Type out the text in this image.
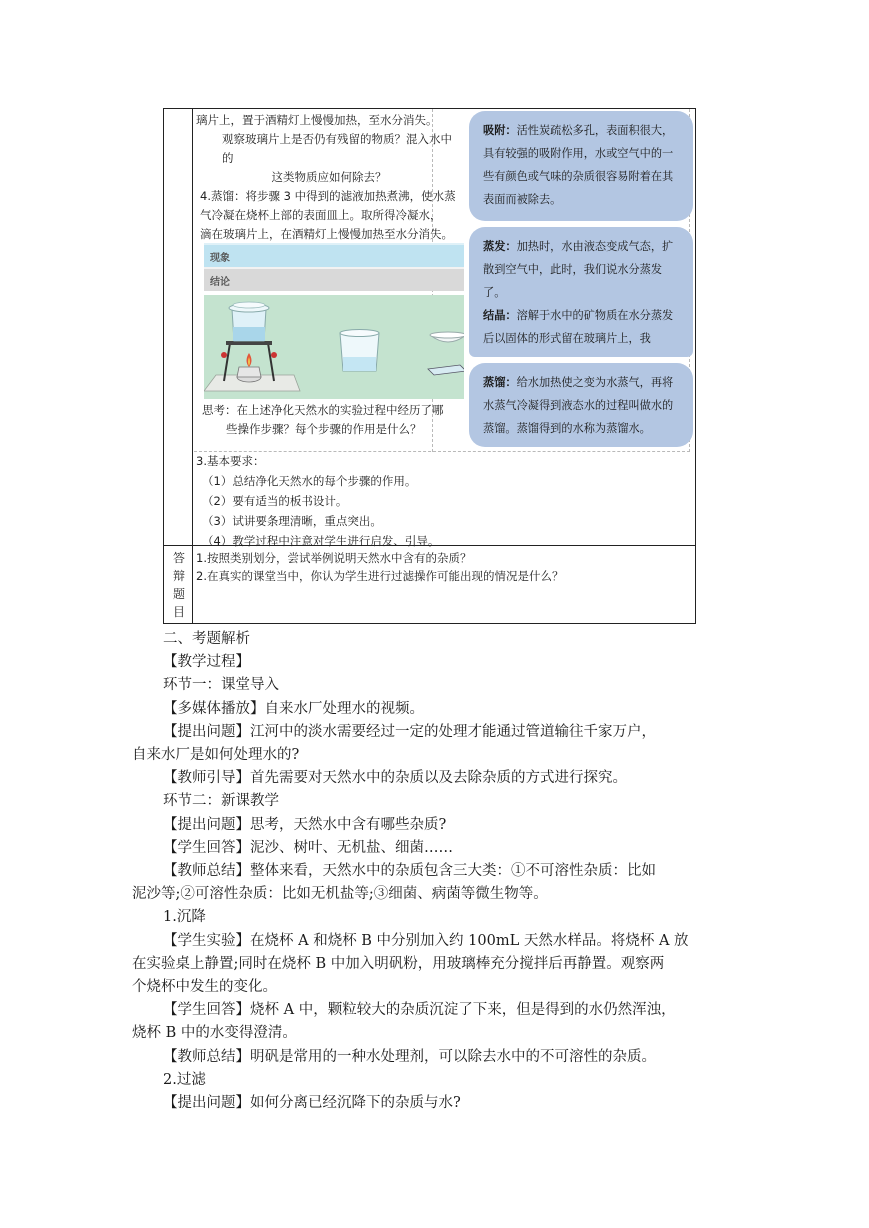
璃片上，置于酒精灯上慢慢加热，至水分消失。

观察玻璃片上是否仍有残留的物质？混入水中的

这类物质应如何除去？

4.蒸馏：将步骤 3 中得到的滤液加热煮沸，使水蒸

气冷凝在烧杯上部的表面皿上。取所得冷凝水，

滴在玻璃片上，在酒精灯上慢慢加热至水分消失。

现象
结论

思考：在上述净化天然水的实验过程中经历了哪

些操作步骤？每个步骤的作用是什么？

吸附：活性炭疏松多孔，表面积很大，具有较强的吸附作用，水或空气中的一些有颜色或气味的杂质很容易附着在其表面而被除去。
蒸发：加热时，水由液态变成气态，扩散到空气中，此时，我们说水分蒸发了。
结晶：溶解于水中的矿物质在水分蒸发后以固体的形式留在玻璃片上，我
蒸馏：给水加热使之变为水蒸气，再将水蒸气冷凝得到液态水的过程叫做水的蒸馏。蒸馏得到的水称为蒸馏水。

3.基本要求：

（1）总结净化天然水的每个步骤的作用。

（2）要有适当的板书设计。

（3）试讲要条理清晰，重点突出。

（4）教学过程中注意对学生进行启发、引导。

答
辩
题
目

1.按照类别划分，尝试举例说明天然水中含有的杂质？

2.在真实的课堂当中，你认为学生进行过滤操作可能出现的情况是什么？

二、考题解析

【教学过程】

环节一：课堂导入

【多媒体播放】自来水厂处理水的视频。

【提出问题】江河中的淡水需要经过一定的处理才能通过管道输往千家万户，

自来水厂是如何处理水的?

【教师引导】首先需要对天然水中的杂质以及去除杂质的方式进行探究。

环节二：新课教学

【提出问题】思考，天然水中含有哪些杂质?

【学生回答】泥沙、树叶、无机盐、细菌……

【教师总结】整体来看，天然水中的杂质包含三大类：①不可溶性杂质：比如

泥沙等;②可溶性杂质：比如无机盐等;③细菌、病菌等微生物等。

1.沉降

【学生实验】在烧杯 A 和烧杯 B 中分别加入约 100mL 天然水样品。将烧杯 A 放

在实验桌上静置;同时在烧杯 B 中加入明矾粉，用玻璃棒充分搅拌后再静置。观察两

个烧杯中发生的变化。

【学生回答】烧杯 A 中，颗粒较大的杂质沉淀了下来，但是得到的水仍然浑浊，

烧杯 B 中的水变得澄清。

【教师总结】明矾是常用的一种水处理剂，可以除去水中的不可溶性的杂质。

2.过滤

【提出问题】如何分离已经沉降下的杂质与水?
